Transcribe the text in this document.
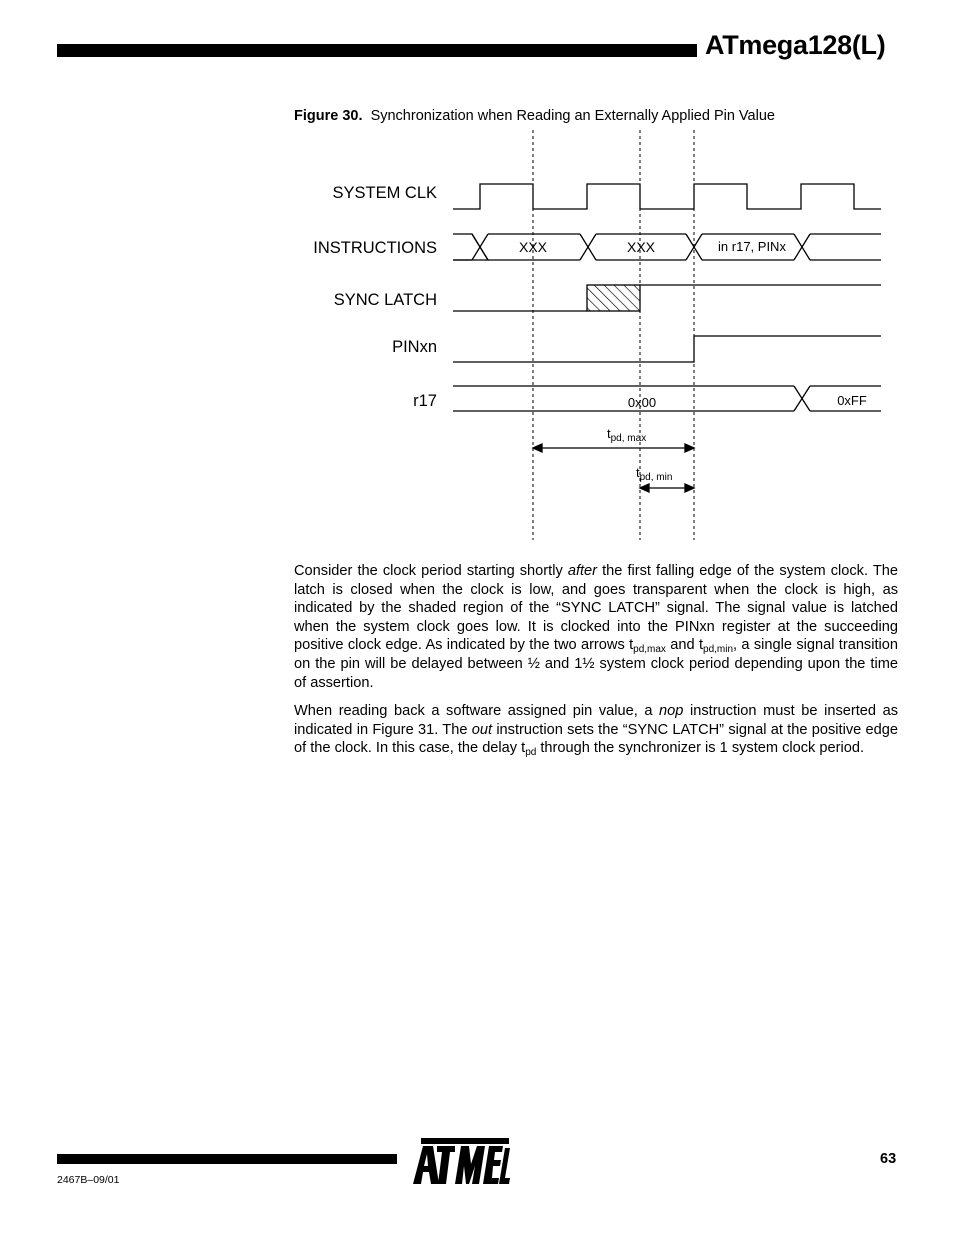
ATmega128(L)
Figure 30. Synchronization when Reading an Externally Applied Pin Value
SYSTEM CLK
INSTRUCTIONS
SYNC LATCH
PINxn
r17
XXX	XXX	in r17, PINx
0x00	0xFF
$t_{pd, max}$
$t_{pd, min}$
Consider the clock period starting shortly after the first falling edge of the system clock. The latch is closed when the clock is low, and goes transparent when the clock is high, as indicated by the shaded region of the “SYNC LATCH” signal. The signal value is latched when the system clock goes low. It is clocked into the PINxn register at the succeeding positive clock edge. As indicated by the two arrows $t_{pd,max}$ and $t_{pd,min}$, a single signal transition on the pin will be delayed between ½ and 1½ system clock period depending upon the time of assertion.
When reading back a software assigned pin value, a nop instruction must be inserted as indicated in Figure 31. The out instruction sets the “SYNC LATCH” signal at the positive edge of the clock. In this case, the delay $t_{pd}$ through the synchronizer is 1 system clock period.
63
2467B–09/01
